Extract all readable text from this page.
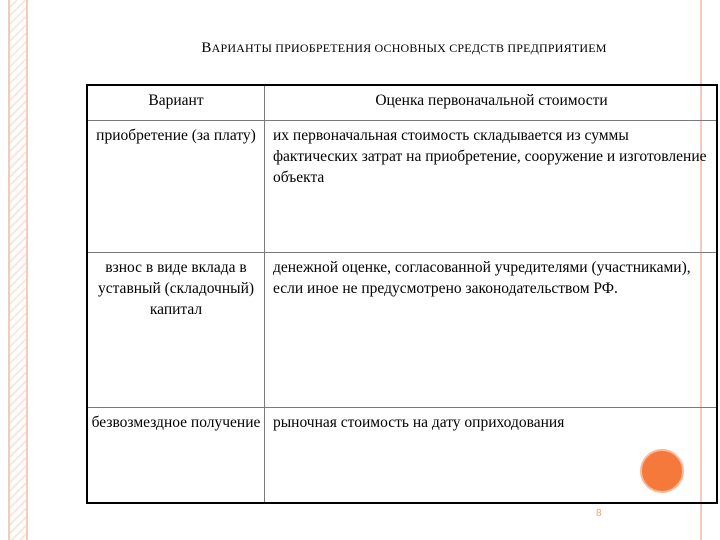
ВАРИАНТЫ ПРИОБРЕТЕНИЯ ОСНОВНЫХ СРЕДСТВ ПРЕДПРИЯТИЕМ
Вариант	Оценка первоначальной стоимости
приобретение (за плату)	их первоначальная стоимость складывается из суммы фактических затрат на приобретение, сооружение и изготовление объекта
взнос в виде вклада в уставный (складочный) капитал	денежной оценке, согласованной учредителями (участниками), если иное не предусмотрено законодательством РФ.
безвозмездное получение	рыночная стоимость на дату оприходования
8
